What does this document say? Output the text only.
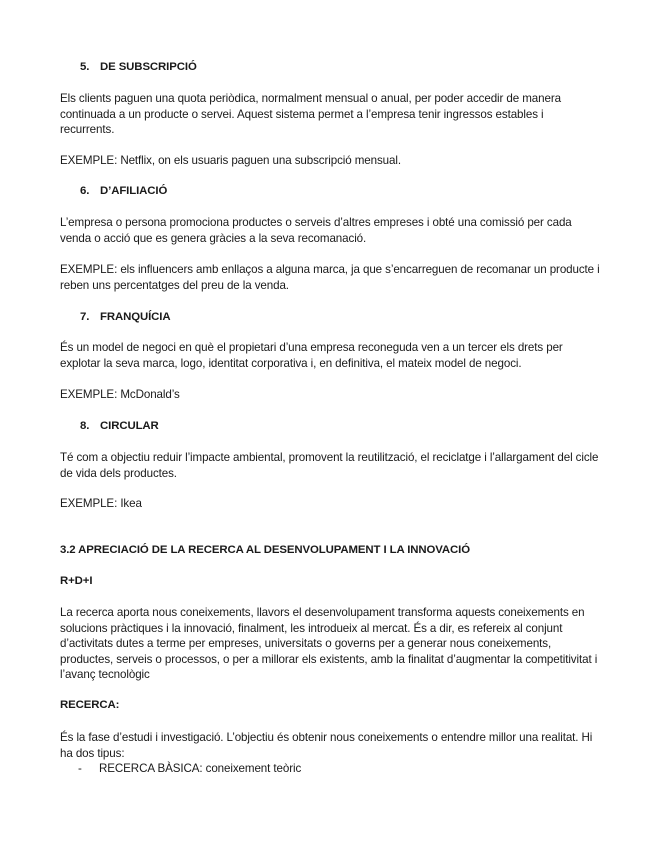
5. DE SUBSCRIPCIÓ

Els clients paguen una quota periòdica, normalment mensual o anual, per poder accedir de manera continuada a un producte o servei. Aquest sistema permet a l’empresa tenir ingressos estables i recurrents.

EXEMPLE: Netflix, on els usuaris paguen una subscripció mensual.

6. D’AFILIACIÓ

L’empresa o persona promociona productes o serveis d’altres empreses i obté una comissió per cada venda o acció que es genera gràcies a la seva recomanació.

EXEMPLE: els influencers amb enllaços a alguna marca, ja que s’encarreguen de recomanar un producte i reben uns percentatges del preu de la venda.

7. FRANQUÍCIA

És un model de negoci en què el propietari d’una empresa reconeguda ven a un tercer els drets per explotar la seva marca, logo, identitat corporativa i, en definitiva, el mateix model de negoci.

EXEMPLE: McDonald’s

8. CIRCULAR

Té com a objectiu reduir l’impacte ambiental, promovent la reutilització, el reciclatge i l’allargament del cicle de vida dels productes.

EXEMPLE: Ikea

3.2 APRECIACIÓ DE LA RECERCA AL DESENVOLUPAMENT I LA INNOVACIÓ
R+D+I

La recerca aporta nous coneixements, llavors el desenvolupament transforma aquests coneixements en solucions pràctiques i la innovació, finalment, les introdueix al mercat. És a dir, es refereix al conjunt d’activitats dutes a terme per empreses, universitats o governs per a generar nous coneixements, productes, serveis o processos, o per a millorar els existents, amb la finalitat d’augmentar la competitivitat i l’avanç tecnològic

RECERCA:

És la fase d’estudi i investigació. L’objectiu és obtenir nous coneixements o entendre millor una realitat. Hi ha dos tipus:

- RECERCA BÀSICA: coneixement teòric
